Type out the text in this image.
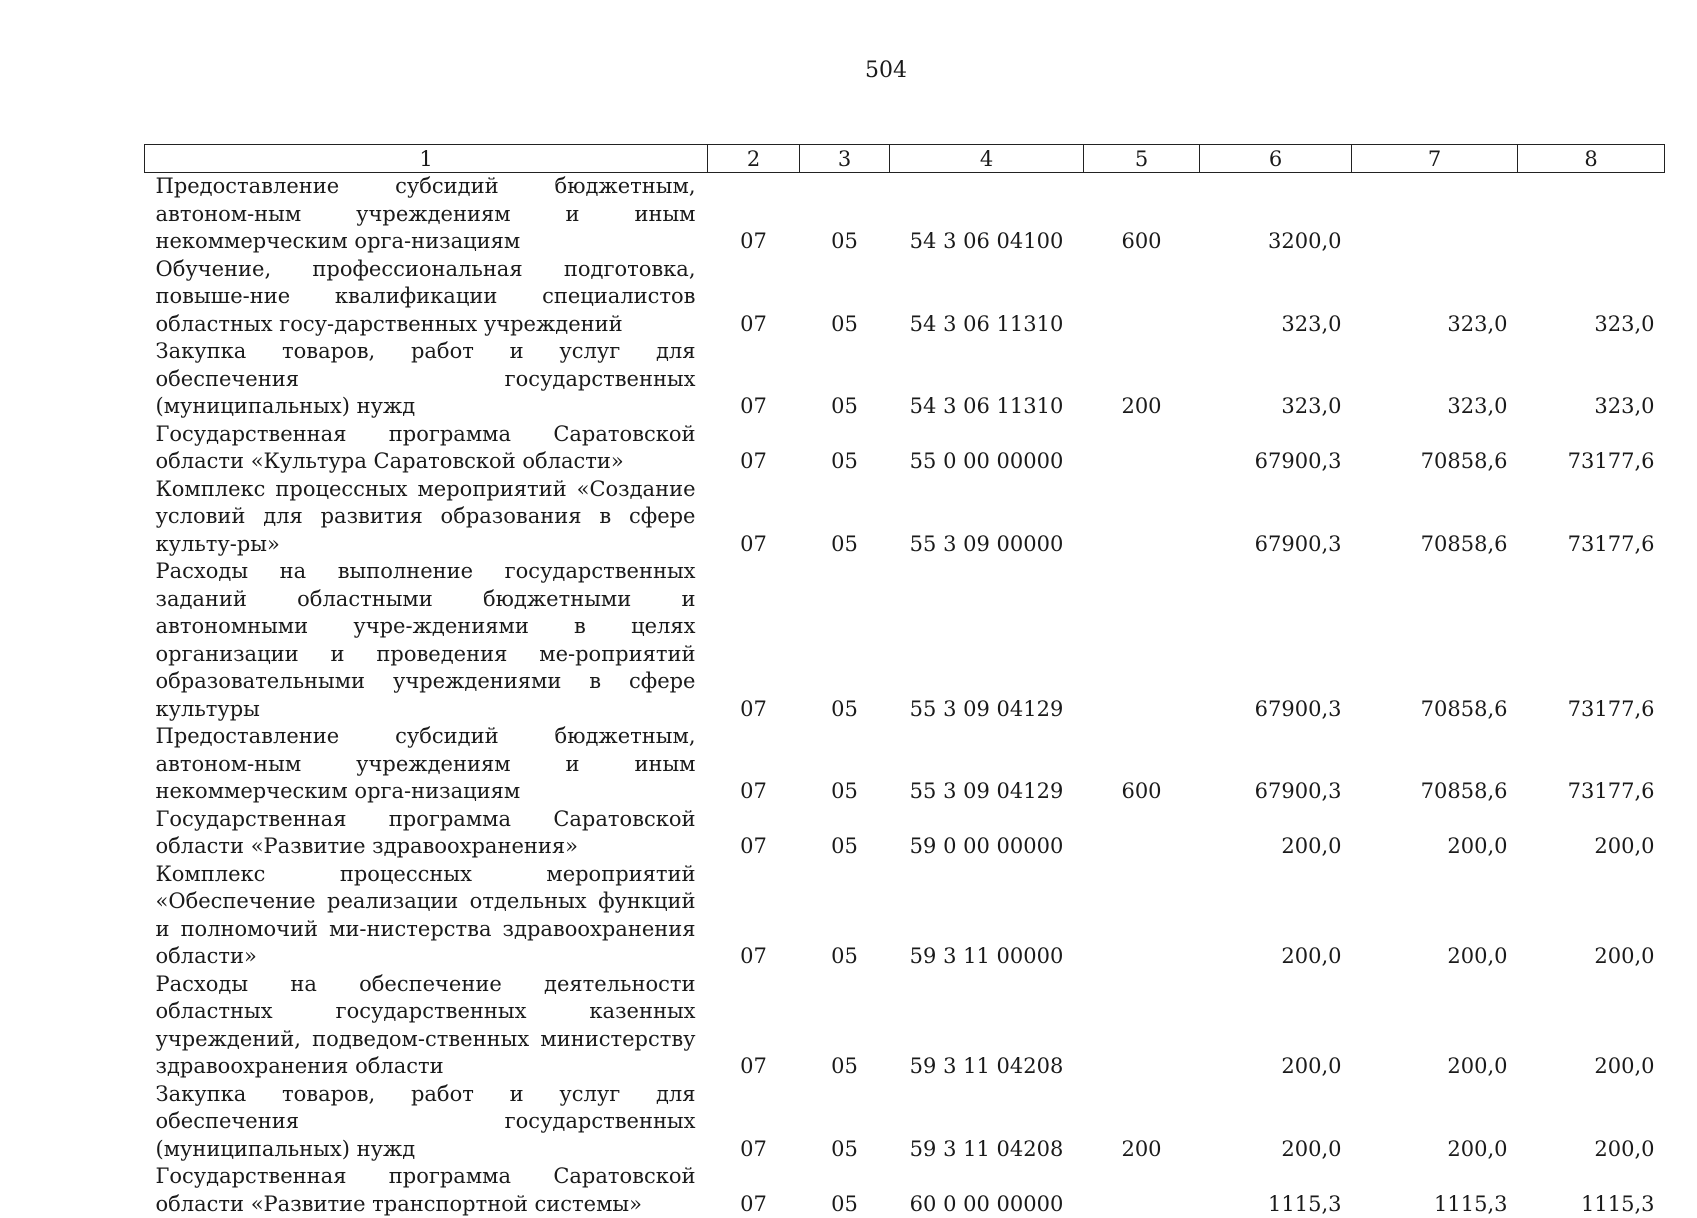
504
1	2	3	4	5	6	7	8
Предоставление субсидий бюджетным, автоном-ным учреждениям и иным некоммерческим орга-низациям	07	05	54 3 06 04100	600	3200,0		
Обучение, профессиональная подготовка, повыше-ние квалификации специалистов областных госу-дарственных учреждений	07	05	54 3 06 11310		323,0	323,0	323,0
Закупка товаров, работ и услуг для обеспечения государственных (муниципальных) нужд	07	05	54 3 06 11310	200	323,0	323,0	323,0
Государственная программа Саратовской области «Культура Саратовской области»	07	05	55 0 00 00000		67900,3	70858,6	73177,6
Комплекс процессных мероприятий «Создание условий для развития образования в сфере культу-ры»	07	05	55 3 09 00000		67900,3	70858,6	73177,6
Расходы на выполнение государственных заданий областными бюджетными и автономными учре-ждениями в целях организации и проведения ме-роприятий образовательными учреждениями в сфере культуры	07	05	55 3 09 04129		67900,3	70858,6	73177,6
Предоставление субсидий бюджетным, автоном-ным учреждениям и иным некоммерческим орга-низациям	07	05	55 3 09 04129	600	67900,3	70858,6	73177,6
Государственная программа Саратовской области «Развитие здравоохранения»	07	05	59 0 00 00000		200,0	200,0	200,0
Комплекс процессных мероприятий «Обеспечение реализации отдельных функций и полномочий ми-нистерства здравоохранения области»	07	05	59 3 11 00000		200,0	200,0	200,0
Расходы на обеспечение деятельности областных государственных казенных учреждений, подведом-ственных министерству здравоохранения области	07	05	59 3 11 04208		200,0	200,0	200,0
Закупка товаров, работ и услуг для обеспечения государственных (муниципальных) нужд	07	05	59 3 11 04208	200	200,0	200,0	200,0
Государственная программа Саратовской области «Развитие транспортной системы»	07	05	60 0 00 00000		1115,3	1115,3	1115,3
